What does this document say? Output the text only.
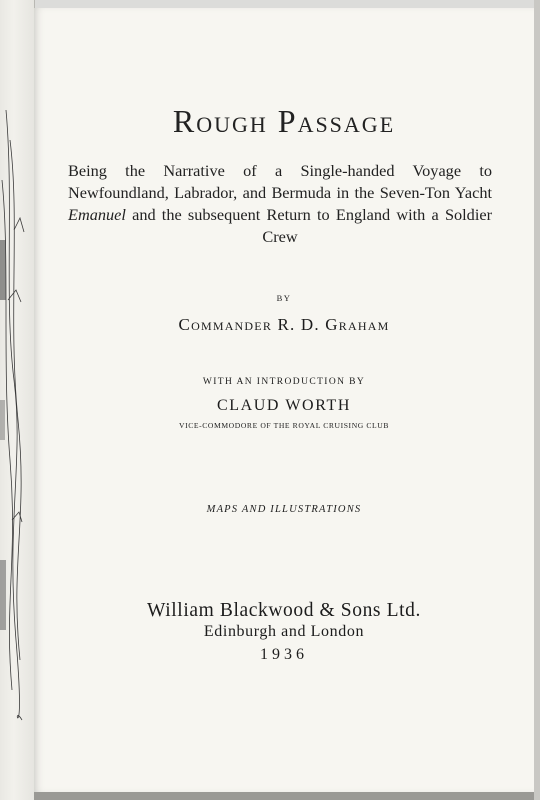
Rough Passage
Being the Narrative of a Single-handed Voyage to Newfoundland, Labrador, and Bermuda in the Seven-Ton Yacht Emanuel and the subsequent Return to England with a Soldier Crew
BY
Commander R. D. Graham
WITH AN INTRODUCTION BY
CLAUD WORTH
VICE-COMMODORE OF THE ROYAL CRUISING CLUB
MAPS AND ILLUSTRATIONS
William Blackwood & Sons Ltd.
Edinburgh and London
1936
